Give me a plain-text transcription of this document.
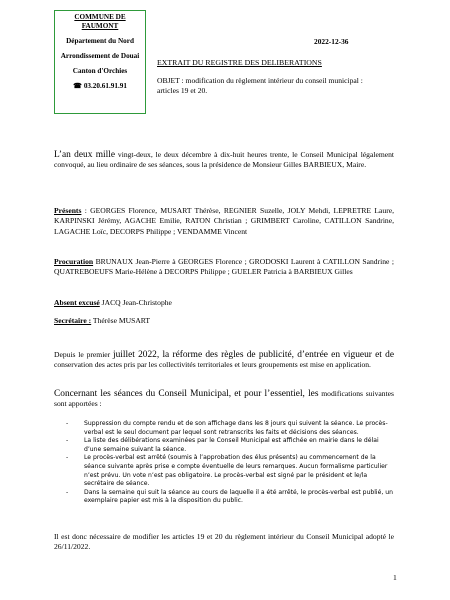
COMMUNE DE FAUMONT
Département du Nord
Arrondissement de Douai
Canton d'Orchies
☎ 03.20.61.91.91
2022-12-36
EXTRAIT DU REGISTRE DES DELIBERATIONS
OBJET : modification du règlement intérieur du conseil municipal : articles 19 et 20.
L’an deux mille vingt-deux, le deux décembre à dix-huit heures trente, le Conseil Municipal légalement convoqué, au lieu ordinaire de ses séances, sous la présidence de Monsieur Gilles BARBIEUX, Maire.
Présents : GEORGES Florence, MUSART Thérèse, REGNIER Suzelle, JOLY Mehdi, LEPRETRE Laure, KARPINSKI Jérémy, AGACHE Emilie, RATON Christian ; GRIMBERT Caroline, CATILLON Sandrine, LAGACHE Loïc, DECORPS Philippe ; VENDAMME Vincent
Procuration BRUNAUX Jean-Pierre à GEORGES Florence ; GRODOSKI Laurent à CATILLON Sandrine ; QUATREBOEUFS Marie-Hélène à DECORPS Philippe ; GUELER Patricia à BARBIEUX Gilles
Absent excusé JACQ Jean-Christophe
Secrétaire : Thérèse MUSART
Depuis le premier juillet 2022, la réforme des règles de publicité, d’entrée en vigueur et de conservation des actes pris par les collectivités territoriales et leurs groupements est mise en application.
Concernant les séances du Conseil Municipal, et pour l’essentiel, les modifications suivantes sont apportées :
-	Suppression du compte rendu et de son affichage dans les 8 jours qui suivent la séance. Le procès-verbal est le seul document par lequel sont retranscrits les faits et décisions des séances.
-	La liste des délibérations examinées par le Conseil Municipal est affichée en mairie dans le délai d’une semaine suivant la séance.
-	Le procès-verbal est arrêté (soumis à l’approbation des élus présents) au commencement de la séance suivante après prise e compte éventuelle de leurs remarques. Aucun formalisme particulier n’est prévu. Un vote n’est pas obligatoire. Le procès-verbal est signé par le président et le/la secrétaire de séance.
-	Dans la semaine qui suit la séance au cours de laquelle il a été arrêté, le procès-verbal est publié, un exemplaire papier est mis à la disposition du public.
Il est donc nécessaire de modifier les articles 19 et 20 du règlement intérieur du Conseil Municipal adopté le 26/11/2022.
1
